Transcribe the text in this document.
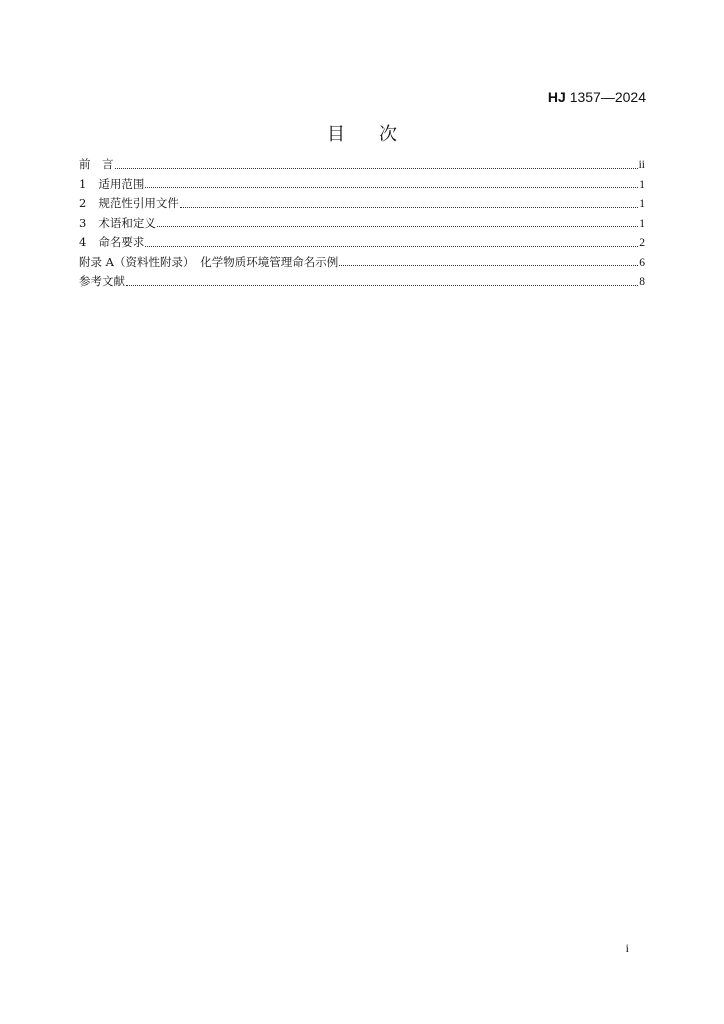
HJ 1357—2024
目次
前　言	ii
1 适用范围	1
2 规范性引用文件	1
3 术语和定义	1
4 命名要求	2
附录 A（资料性附录）　化学物质环境管理命名示例	6
参考文献	8
i
